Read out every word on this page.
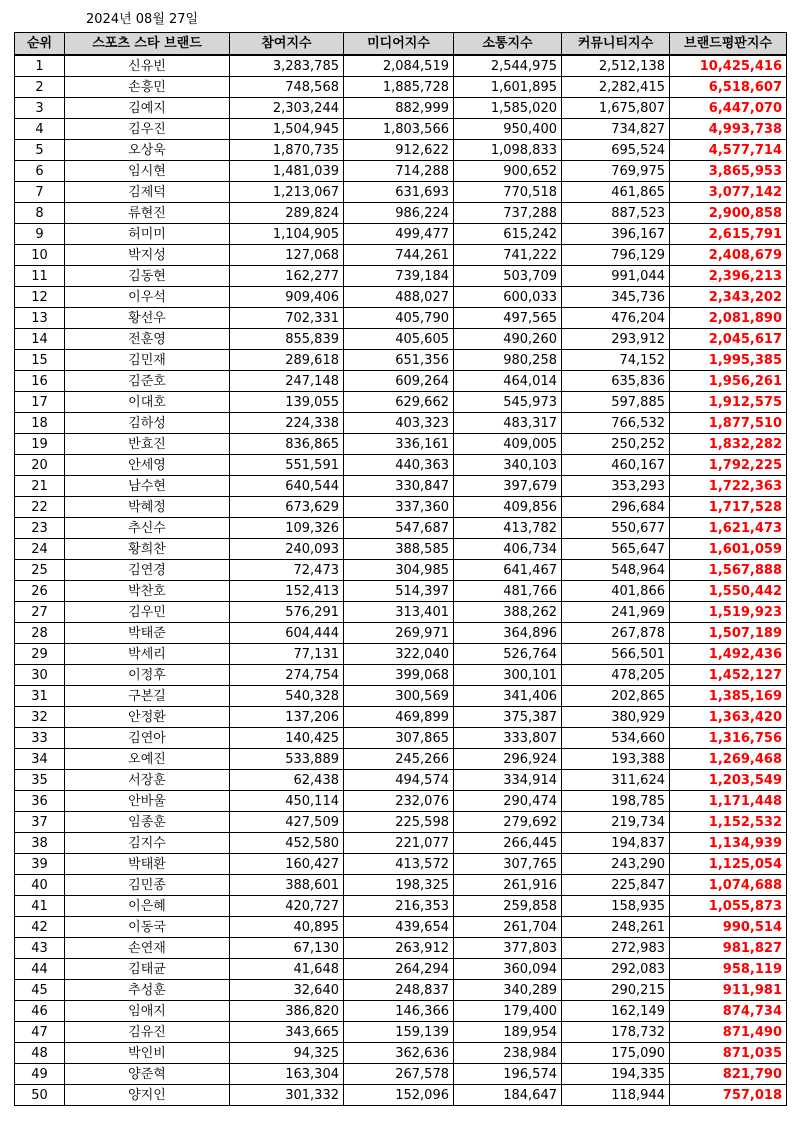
2024년 08월 27일
순위	스포츠 스타 브랜드	참여지수	미디어지수	소통지수	커뮤니티지수	브랜드평판지수
1	신유빈	3,283,785	2,084,519	2,544,975	2,512,138	10,425,416
2	손흥민	748,568	1,885,728	1,601,895	2,282,415	6,518,607
3	김예지	2,303,244	882,999	1,585,020	1,675,807	6,447,070
4	김우진	1,504,945	1,803,566	950,400	734,827	4,993,738
5	오상욱	1,870,735	912,622	1,098,833	695,524	4,577,714
6	임시현	1,481,039	714,288	900,652	769,975	3,865,953
7	김제덕	1,213,067	631,693	770,518	461,865	3,077,142
8	류현진	289,824	986,224	737,288	887,523	2,900,858
9	허미미	1,104,905	499,477	615,242	396,167	2,615,791
10	박지성	127,068	744,261	741,222	796,129	2,408,679
11	김동현	162,277	739,184	503,709	991,044	2,396,213
12	이우석	909,406	488,027	600,033	345,736	2,343,202
13	황선우	702,331	405,790	497,565	476,204	2,081,890
14	전훈영	855,839	405,605	490,260	293,912	2,045,617
15	김민재	289,618	651,356	980,258	74,152	1,995,385
16	김준호	247,148	609,264	464,014	635,836	1,956,261
17	이대호	139,055	629,662	545,973	597,885	1,912,575
18	김하성	224,338	403,323	483,317	766,532	1,877,510
19	반효진	836,865	336,161	409,005	250,252	1,832,282
20	안세영	551,591	440,363	340,103	460,167	1,792,225
21	남수현	640,544	330,847	397,679	353,293	1,722,363
22	박혜정	673,629	337,360	409,856	296,684	1,717,528
23	추신수	109,326	547,687	413,782	550,677	1,621,473
24	황희찬	240,093	388,585	406,734	565,647	1,601,059
25	김연경	72,473	304,985	641,467	548,964	1,567,888
26	박찬호	152,413	514,397	481,766	401,866	1,550,442
27	김우민	576,291	313,401	388,262	241,969	1,519,923
28	박태준	604,444	269,971	364,896	267,878	1,507,189
29	박세리	77,131	322,040	526,764	566,501	1,492,436
30	이정후	274,754	399,068	300,101	478,205	1,452,127
31	구본길	540,328	300,569	341,406	202,865	1,385,169
32	안정환	137,206	469,899	375,387	380,929	1,363,420
33	김연아	140,425	307,865	333,807	534,660	1,316,756
34	오예진	533,889	245,266	296,924	193,388	1,269,468
35	서장훈	62,438	494,574	334,914	311,624	1,203,549
36	안바울	450,114	232,076	290,474	198,785	1,171,448
37	임종훈	427,509	225,598	279,692	219,734	1,152,532
38	김지수	452,580	221,077	266,445	194,837	1,134,939
39	박태환	160,427	413,572	307,765	243,290	1,125,054
40	김민종	388,601	198,325	261,916	225,847	1,074,688
41	이은혜	420,727	216,353	259,858	158,935	1,055,873
42	이동국	40,895	439,654	261,704	248,261	990,514
43	손연재	67,130	263,912	377,803	272,983	981,827
44	김태균	41,648	264,294	360,094	292,083	958,119
45	추성훈	32,640	248,837	340,289	290,215	911,981
46	임애지	386,820	146,366	179,400	162,149	874,734
47	김유진	343,665	159,139	189,954	178,732	871,490
48	박인비	94,325	362,636	238,984	175,090	871,035
49	양준혁	163,304	267,578	196,574	194,335	821,790
50	양지인	301,332	152,096	184,647	118,944	757,018
